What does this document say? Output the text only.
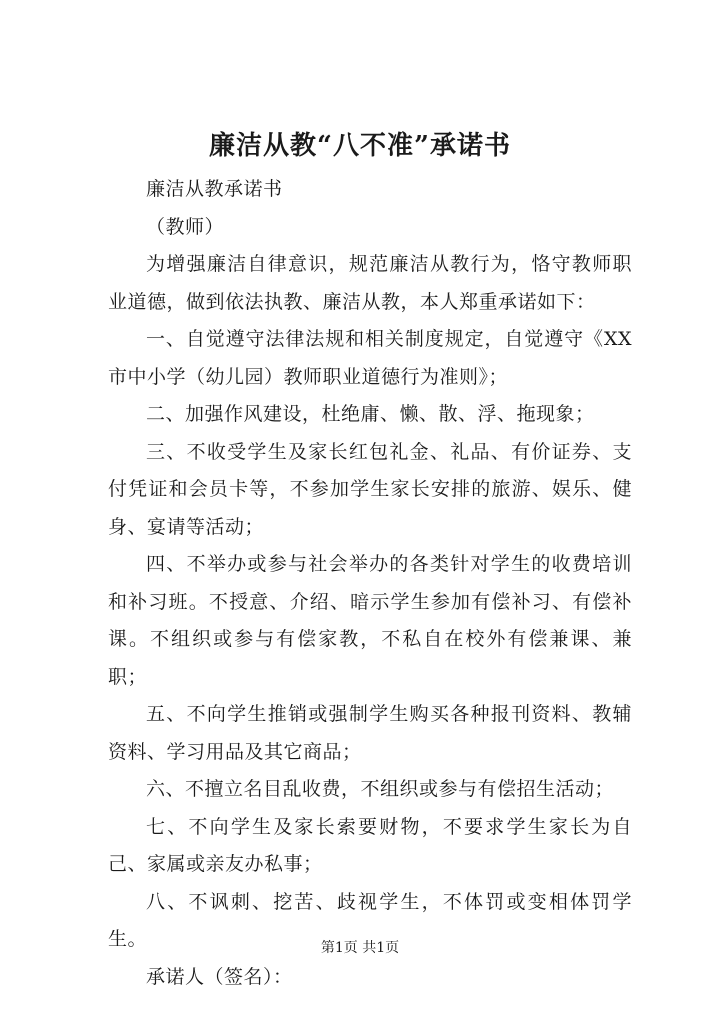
廉洁从教“八不准”承诺书

廉洁从教承诺书

（教师）

为增强廉洁自律意识，规范廉洁从教行为，恪守教师职业道德，做到依法执教、廉洁从教，本人郑重承诺如下：

一、自觉遵守法律法规和相关制度规定，自觉遵守《XX市中小学（幼儿园）教师职业道德行为准则》；

二、加强作风建设，杜绝庸、懒、散、浮、拖现象；

三、不收受学生及家长红包礼金、礼品、有价证券、支付凭证和会员卡等，不参加学生家长安排的旅游、娱乐、健身、宴请等活动；

四、不举办或参与社会举办的各类针对学生的收费培训和补习班。不授意、介绍、暗示学生参加有偿补习、有偿补课。不组织或参与有偿家教，不私自在校外有偿兼课、兼职；

五、不向学生推销或强制学生购买各种报刊资料、教辅资料、学习用品及其它商品；

六、不擅立名目乱收费，不组织或参与有偿招生活动；

七、不向学生及家长索要财物，不要求学生家长为自己、家属或亲友办私事；

八、不讽刺、挖苦、歧视学生，不体罚或变相体罚学生。

承诺人（签名）：

第1页 共1页
